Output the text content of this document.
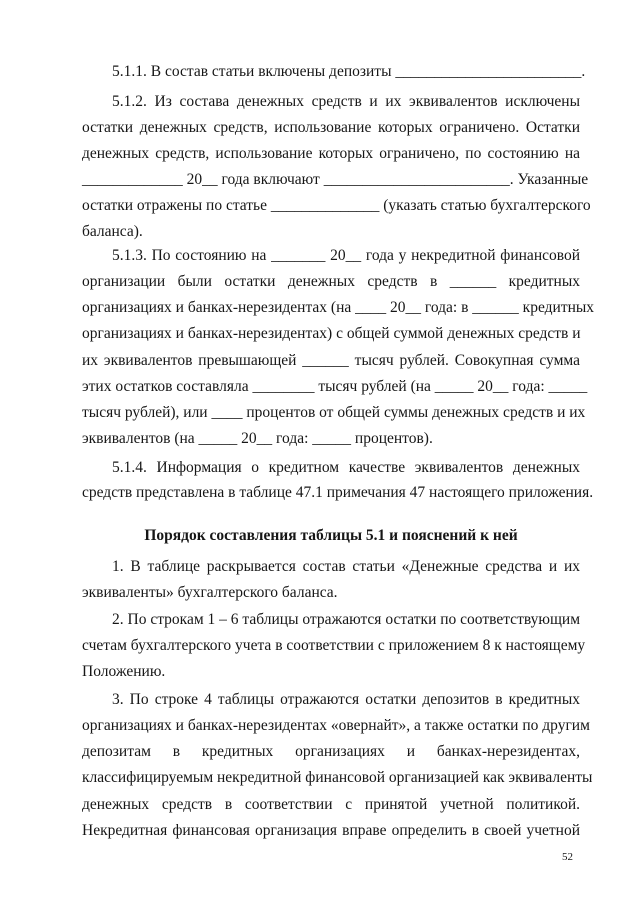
5.1.1. В состав статьи включены депозиты ________________________.
5.1.2. Из состава денежных средств и их эквивалентов исключены
остатки денежных средств, использование которых ограничено. Остатки
денежных средств, использование которых ограничено, по состоянию на
_____________ 20__ года включают ________________________. Указанные
остатки отражены по статье ______________ (указать статью бухгалтерского
баланса).
5.1.3. По состоянию на _______ 20__ года у некредитной финансовой
организации были остатки денежных средств в ______ кредитных
организациях и банках-нерезидентах (на ____ 20__ года: в ______ кредитных
организациях и банках-нерезидентах) с общей суммой денежных средств и
их эквивалентов превышающей ______ тысяч рублей. Совокупная сумма
этих остатков составляла ________ тысяч рублей (на _____ 20__ года: _____
тысяч рублей), или ____ процентов от общей суммы денежных средств и их
эквивалентов (на _____ 20__ года: _____ процентов).
5.1.4. Информация о кредитном качестве эквивалентов денежных
средств представлена в таблице 47.1 примечания 47 настоящего приложения.
Порядок составления таблицы 5.1 и пояснений к ней
1. В таблице раскрывается состав статьи «Денежные средства и их
эквиваленты» бухгалтерского баланса.
2. По строкам 1 – 6 таблицы отражаются остатки по соответствующим
счетам бухгалтерского учета в соответствии с приложением 8 к настоящему
Положению.
3. По строке 4 таблицы отражаются остатки депозитов в кредитных
организациях и банках-нерезидентах «овернайт», а также остатки по другим
депозитам в кредитных организациях и банках-нерезидентах,
классифицируемым некредитной финансовой организацией как эквиваленты
денежных средств в соответствии с принятой учетной политикой.
Некредитная финансовая организация вправе определить в своей учетной
52
